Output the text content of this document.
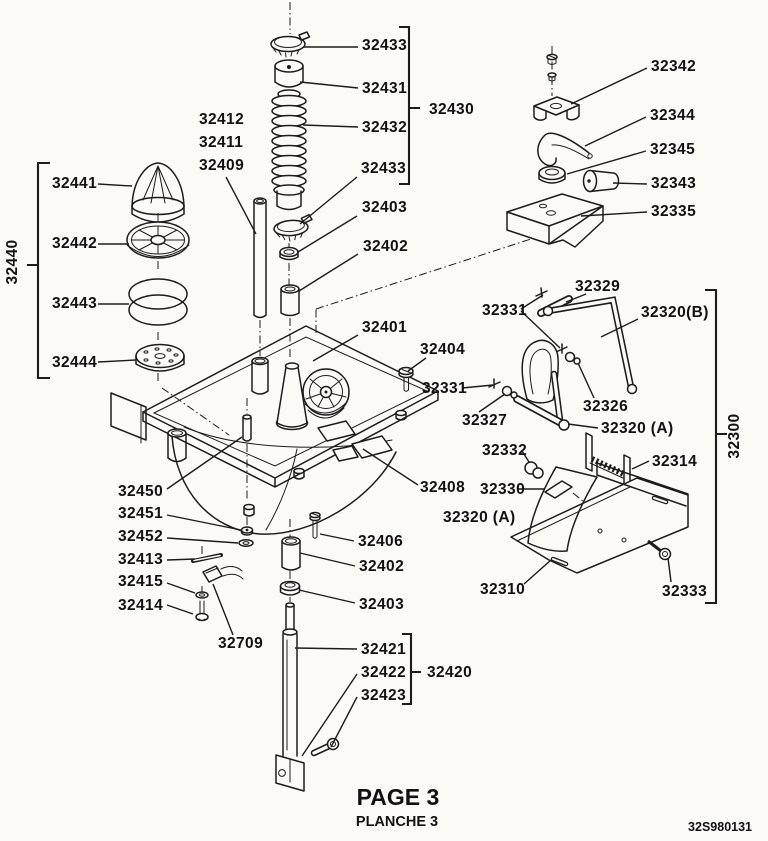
32433
32431
32432
32430
32433
32403
32402
32412
32411
32409
32401
32404
32342
32344
32345
32343
32335
32441
32442
32443
32444
32440
32329
32331	32320(B)
32326
32331
32327	32320 (A)
32332
32330
32320 (A)
32408
32314
32310	32333
32300
32450
32451
32452
32413
32415
32414
32709
32406
32402
32403
32421
32422
32423
32420
PAGE 3
PLANCHE 3	32S980131
